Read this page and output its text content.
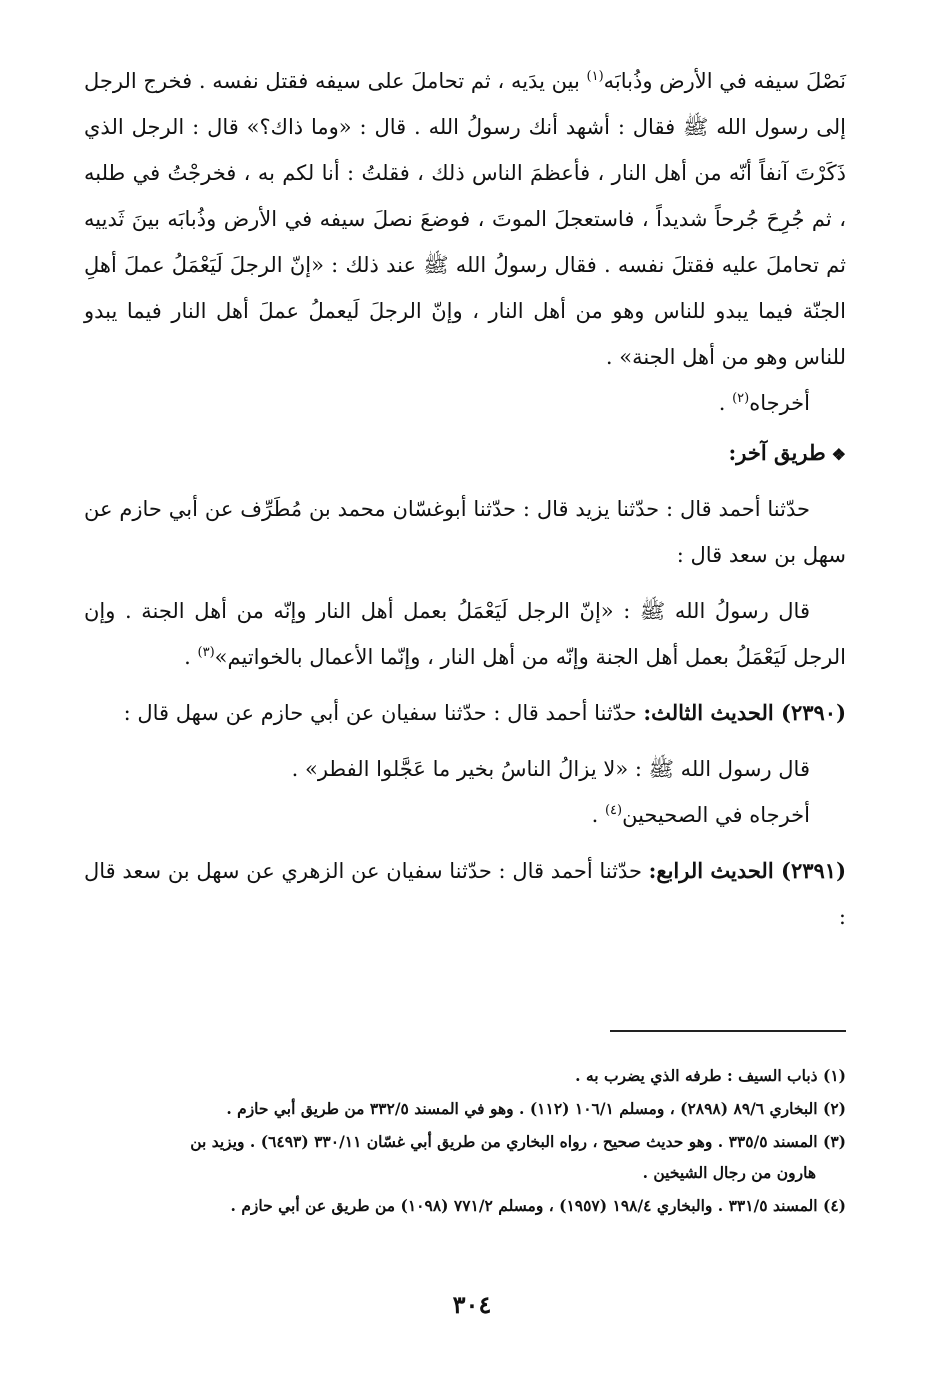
نَصْلَ سيفه في الأرض وذُبابَه$^{(١)}$ بين يدَيه ، ثم تحاملَ على سيفه فقتل نفسه . فخرج الرجل إلى رسول الله ﷺ فقال : أشهد أنك رسولُ الله . قال : «وما ذاك؟» قال : الرجل الذي ذَكَرْتَ آنفاً أنّه من أهل النار ، فأعظمَ الناس ذلك ، فقلتُ : أنا لكم به ، فخرجْتُ في طلبه ، ثم جُرِحَ جُرحاً شديداً ، فاستعجلَ الموتَ ، فوضعَ نصلَ سيفه في الأرض وذُبابَه بينَ ثَدييه ثم تحاملَ عليه فقتلَ نفسه . فقال رسولُ الله ﷺ عند ذلك : «إنّ الرجلَ لَيَعْمَلُ عملَ أهلِ الجنّة فيما يبدو للناس وهو من أهل النار ، وإنّ الرجلَ لَيعملُ عملَ أهل النار فيما يبدو للناس وهو من أهل الجنة» .

أخرجاه$^{(٢)}$ .

❖طريق آخر:

حدّثنا أحمد قال : حدّثنا يزيد قال : حدّثنا أبوغسّان محمد بن مُطَرِّف عن أبي حازم عن سهل بن سعد قال :

قال رسولُ الله ﷺ : «إنّ الرجل لَيَعْمَلُ بعمل أهل النار وإنّه من أهل الجنة . وإن الرجل لَيَعْمَلُ بعمل أهل الجنة وإنّه من أهل النار ، وإنّما الأعمال بالخواتيم»$^{(٣)}$ .

(٢٣٩٠) الحديث الثالث: حدّثنا أحمد قال : حدّثنا سفيان عن أبي حازم عن سهل قال :

قال رسول الله ﷺ : «لا يزالُ الناسُ بخير ما عَجَّلوا الفطر» .

أخرجاه في الصحيحين$^{(٤)}$ .

(٢٣٩١) الحديث الرابع: حدّثنا أحمد قال : حدّثنا سفيان عن الزهري عن سهل بن سعد قال :

(١) ذباب السيف : طرفه الذي يضرب به .

(٢) البخاري ٨٩/٦ (٢٨٩٨) ، ومسلم ١٠٦/١ (١١٢) . وهو في المسند ٣٣٢/٥ من طريق أبي حازم .

(٣) المسند ٣٣٥/٥ . وهو حديث صحيح ، رواه البخاري من طريق أبي غسّان ٣٣٠/١١ (٦٤٩٣) . ويزيد بن
هارون من رجال الشيخين .

(٤) المسند ٣٣١/٥ . والبخاري ١٩٨/٤ (١٩٥٧) ، ومسلم ٧٧١/٢ (١٠٩٨) من طريق عن أبي حازم .

٣٠٤
